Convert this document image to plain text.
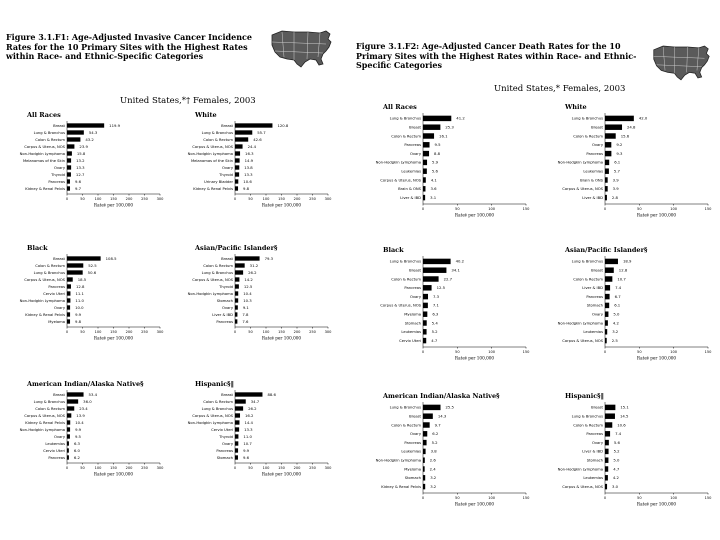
Figure 3.1.F1: Age-Adjusted Invasive Cancer Incidence Rates for the 10 Primary Sites with the Highest Rates within Race- and Ethnic-Specific Categories

United States,*† Females, 2003

All Races
Breast	119.9
Lung & Bronchus	54.3
Colon & Rectum	43.2
Corpus & Uterus, NOS	23.9
Non-Hodgkin Lymphoma	15.8
Melanomas of the Skin	13.2
Ovary	13.3
Thyroid	12.7
Pancreas	9.6
Kidney & Renal Pelvis	9.7
0	50	100 150 200 250 300
Rate‡ per 100,000
White
Breast	120.8
Lung & Bronchus	55.7
Colon & Rectum	42.6
Corpus & Uterus, NOS	24.4
Non-Hodgkin Lymphoma	16.3
Melanomas of the Skin	14.9
Ovary	13.8
Thyroid	13.3
Urinary Bladder	10.6
Kidney & Renal Pelvis	9.8
0	50	100 150 200 250 300
Rate‡ per 100,000
Black
Breast	108.5
Colon & Rectum	52.5
Lung & Bronchus	50.6
Corpus & Uterus, NOS	18.5
Pancreas	12.8
Cervix Uteri	11.1
Non-Hodgkin Lymphoma	11.0
Ovary	10.0
Kidney & Renal Pelvis	9.9
Myeloma	9.8
0	50	100 150 200 250 300
Rate‡ per 100,000
Asian/Pacific Islander§
Breast	79.3
Colon & Rectum	31.2
Lung & Bronchus	26.2
Corpus & Uterus, NOS	14.2
Thyroid	12.5
Non-Hodgkin Lymphoma	10.4
Stomach	10.3
Ovary	9.1
Liver & IBD 7.8
Pancreas 7.6
0	50	100 150 200 250 300
Rate‡ per 100,000
American Indian/Alaska Native§
Breast	53.4
Lung & Bronchus	36.0
Colon & Rectum	23.4
Corpus & Uterus, NOS	13.9
Kidney & Renal Pelvis	10.4
Non-Hodgkin Lymphoma	9.9
Ovary	9.5
Leukemias 6.3
Cervix Uteri 6.0
Pancreas 6.2
0	50	100 150 200 250 300
Rate‡ per 100,000
Hispanic§‖
Breast	88.6
Colon & Rectum	34.7
Lung & Bronchus	26.2
Corpus & Uterus, NOS	16.2
Non-Hodgkin Lymphoma	14.4
Cervix Uteri	13.3
Thyroid	11.0
Ovary	10.7
Pancreas	9.9
Stomach	9.6
0	50	100 150 200 250 300
Rate‡ per 100,000

Figure 3.1.F2: Age-Adjusted Cancer Death Rates for the 10 Primary Sites with the Highest Rates within Race- and Ethnic-Specific Categories

United States,* Females, 2003

All Races
Lung & Bronchus	41.2
Breast	25.3
Colon & Rectum	16.1
Pancreas	9.5
Ovary	8.8
Non-Hodgkin Lymphoma	5.9
Leukemias	5.6
Corpus & Uterus, NOS	4.1
Brain & ONS 3.6
Liver & IBD 3.1
0	50	100	150
Rate‡ per 100,000
White
Lung & Bronchus	42.0
Breast	24.8
Colon & Rectum	15.6
Ovary	9.2
Pancreas	9.3
Non-Hodgkin Lymphoma	6.1
Leukemias	5.7
Brain & ONS	3.9
Corpus & Uterus, NOS	3.9
Liver & IBD 2.8
0	50	100	150
Rate‡ per 100,000
Black
Lung & Bronchus	40.2
Breast	34.1
Colon & Rectum	22.7
Pancreas	12.5
Ovary	7.3
Corpus & Uterus, NOS	7.1
Myeloma	6.3
Stomach	5.4
Leukemias	5.2
Cervix Uteri	4.7
0	50	100	150
Rate‡ per 100,000
Asian/Pacific Islander§
Lung & Bronchus	18.9
Breast	12.8
Colon & Rectum	10.7
Liver & IBD	7.4
Pancreas	6.7
Stomach	6.1
Ovary	5.0
Non-Hodgkin Lymphoma	4.2
Leukemias 3.2
Corpus & Uterus, NOS 2.5
0	50	100	150
Rate‡ per 100,000
American Indian/Alaska Native§
Lung & Bronchus	25.5
Breast	14.3
Colon & Rectum	9.7
Ovary	6.2
Pancreas	5.2
Leukemias	3.8
Non-Hodgkin Lymphoma 2.6
Myeloma 2.4
Stomach 3.2
Kidney & Renal Pelvis 3.2
0	50	100	150
Rate‡ per 100,000
Hispanic§‖
Breast	15.1
Lung & Bronchus	14.5
Colon & Rectum	10.6
Pancreas	7.4
Ovary	5.6
Liver & IBD	5.2
Stomach	5.0
Non-Hodgkin Lymphoma	4.7
Leukemias	4.2
Corpus & Uterus, NOS 3.0
0	50	100	150
Rate‡ per 100,000
